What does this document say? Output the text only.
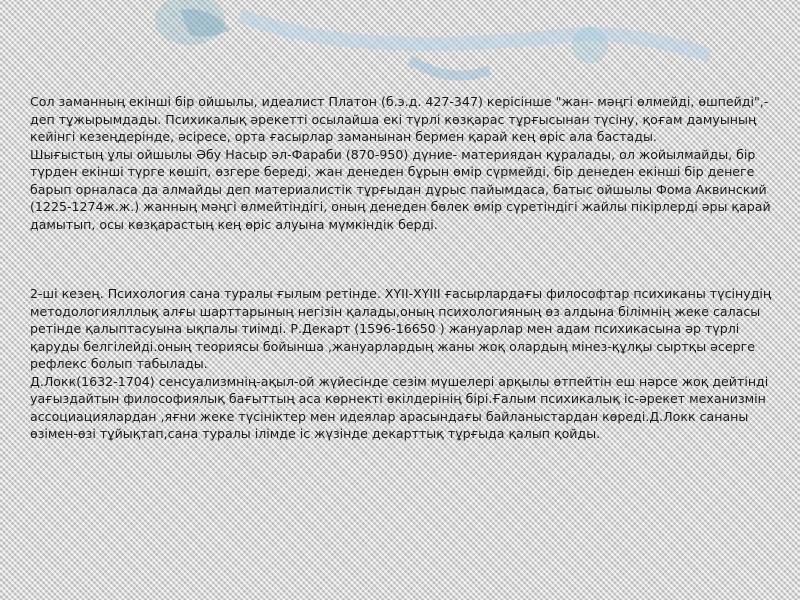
Сол заманның екінші бір ойшылы, идеалист Платон (б.э.д. 427-347) керісінше "жан- мәңгі өлмейді, өшпейді",- деп тұжырымдады. Психикалық әрекетті осылайша екі түрлі көзқарас тұрғысынан түсіну, қоғам дамуының кейінгі кезеңдерінде, әсіресе, орта ғасырлар заманынан бермен қарай кең өріс ала бастады.

Шығыстың ұлы ойшылы Әбу Насыр әл-Фараби (870-950) дүние- материядан құралады, ол жойылмайды, бір түрден екінші түрге көшіп, өзгере береді, жан денеден бұрын өмір сүрмейді, бір денеден екінші бір денеге барып орналаса да алмайды деп материалистік тұрғыдан дұрыс пайымдаса, батыс ойшылы Фома Аквинский (1225-1274ж.ж.) жанның мәңгі өлмейтіндігі, оның денеден бөлек өмір сүретіндігі жайлы пікірлерді әры қарай дамытып, осы көзқарастың кең өріс алуына мүмкіндік берді.

2-ші кезең. Психология сана туралы ғылым ретінде. ХҮІІ-ХҮІІІ ғасырлардағы философтар психиканы түсінудің методологиялллық алғы шарттарының негізін қалады,оның психологияның өз алдына білімнің жеке саласы ретінде қалыптасуына ықпалы тиімді. Р.Декарт (1596-16650 ) жануарлар мен адам психикасына әр түрлі қаруды белгілейді.оның теориясы бойынша ,жануарлардың жаны жоқ олардың мінез-құлқы сыртқы әсерге рефлекс болып табылады.

Д.Локк(1632-1704) сенсуализмнің-ақыл-ой жүйесінде сезім мүшелері арқылы өтпейтін еш нәрсе жоқ дейтінді уағыздайтын философиялық бағыттың аса көрнекті өкілдерінің бірі.Ғалым психикалық іс-әрекет механизмін ассоциациялардан ,яғни жеке түсініктер мен идеялар арасындағы байланыстардан көреді.Д.Локк сананы өзімен-өзі тұйықтап,сана туралы ілімде іс жүзінде декарттық тұрғыда қалып қойды.
